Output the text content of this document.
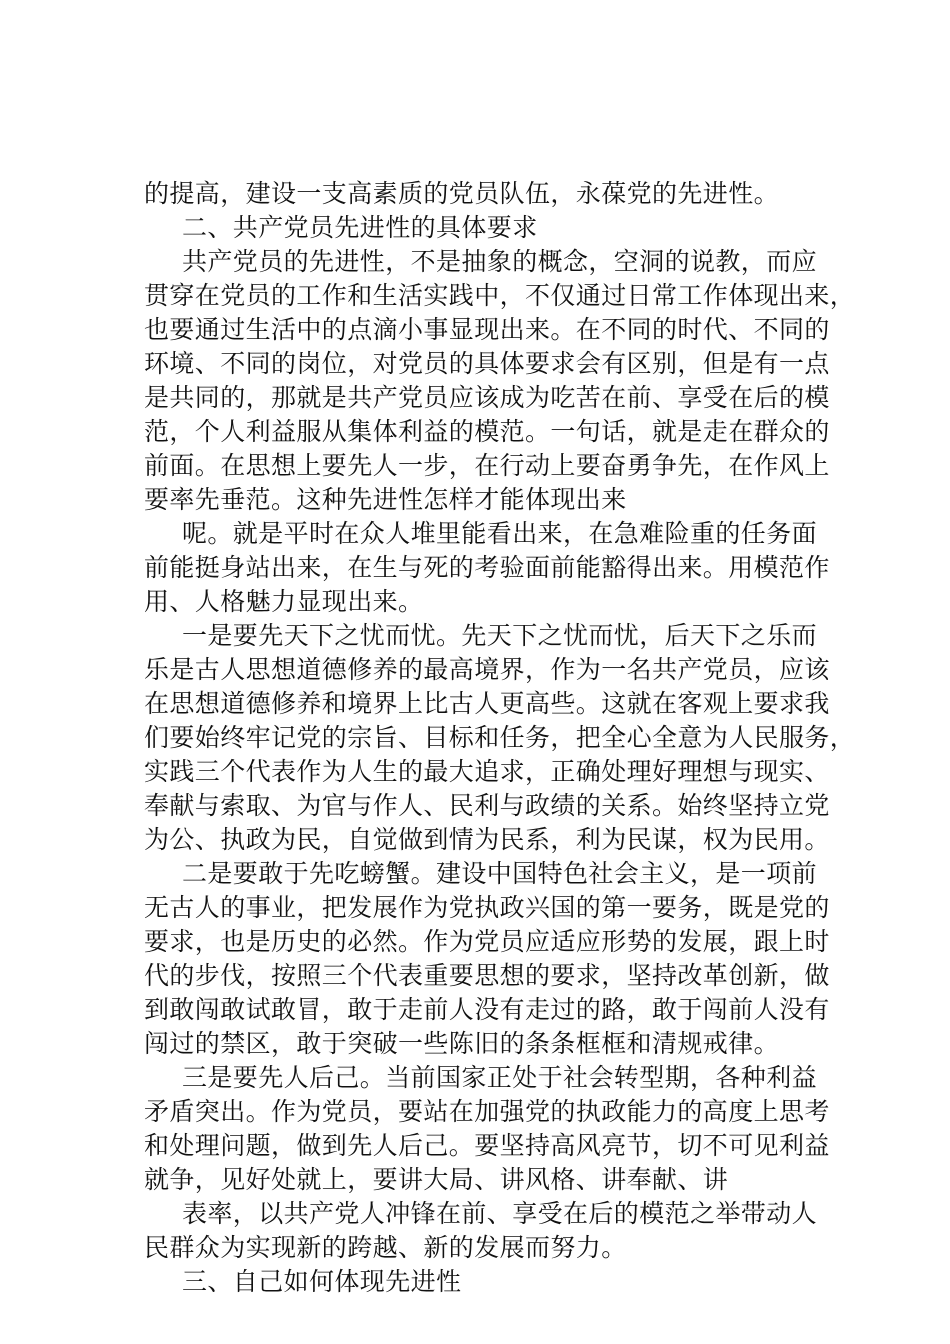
的提高，建设一支高素质的党员队伍，永葆党的先进性。
二、共产党员先进性的具体要求
共产党员的先进性，不是抽象的概念，空洞的说教，而应
贯穿在党员的工作和生活实践中，不仅通过日常工作体现出来，
也要通过生活中的点滴小事显现出来。在不同的时代、不同的
环境、不同的岗位，对党员的具体要求会有区别，但是有一点
是共同的，那就是共产党员应该成为吃苦在前、享受在后的模
范，个人利益服从集体利益的模范。一句话，就是走在群众的
前面。在思想上要先人一步，在行动上要奋勇争先，在作风上
要率先垂范。这种先进性怎样才能体现出来
呢。就是平时在众人堆里能看出来，在急难险重的任务面
前能挺身站出来，在生与死的考验面前能豁得出来。用模范作
用、人格魅力显现出来。
一是要先天下之忧而忧。先天下之忧而忧，后天下之乐而
乐是古人思想道德修养的最高境界，作为一名共产党员，应该
在思想道德修养和境界上比古人更高些。这就在客观上要求我
们要始终牢记党的宗旨、目标和任务，把全心全意为人民服务，
实践三个代表作为人生的最大追求，正确处理好理想与现实、
奉献与索取、为官与作人、民利与政绩的关系。始终坚持立党
为公、执政为民，自觉做到情为民系，利为民谋，权为民用。
二是要敢于先吃螃蟹。建设中国特色社会主义，是一项前
无古人的事业，把发展作为党执政兴国的第一要务，既是党的
要求，也是历史的必然。作为党员应适应形势的发展，跟上时
代的步伐，按照三个代表重要思想的要求，坚持改革创新，做
到敢闯敢试敢冒，敢于走前人没有走过的路，敢于闯前人没有
闯过的禁区，敢于突破一些陈旧的条条框框和清规戒律。
三是要先人后己。当前国家正处于社会转型期，各种利益
矛盾突出。作为党员，要站在加强党的执政能力的高度上思考
和处理问题，做到先人后己。要坚持高风亮节，切不可见利益
就争，见好处就上，要讲大局、讲风格、讲奉献、讲
表率，以共产党人冲锋在前、享受在后的模范之举带动人
民群众为实现新的跨越、新的发展而努力。
三、自己如何体现先进性
